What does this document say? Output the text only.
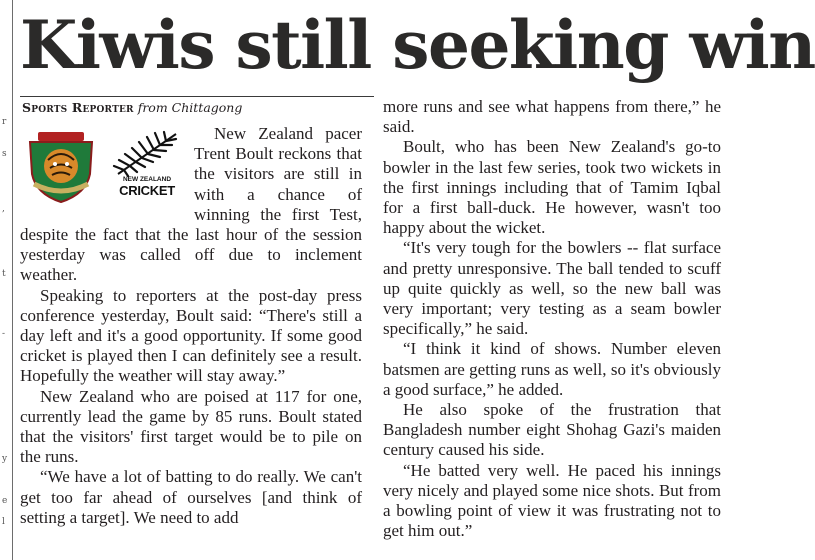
r
s
,
t
-
y
e
l
Kiwis still seeking win
Sports Reporter from Chittagong
NEW ZEALAND
CRICKET

New Zealand pacer Trent Boult reckons that the visitors are still in with a chance of winning the first Test, despite the fact that the last hour of the session yesterday was called off due to inclement weather.

Speaking to reporters at the post-day press conference yesterday, Boult said: “There's still a day left and it's a good opportunity. If some good cricket is played then I can definitely see a result. Hopefully the weather will stay away.”

New Zealand who are poised at 117 for one, currently lead the game by 85 runs. Boult stated that the visitors' first target would be to pile on the runs.

“We have a lot of batting to do really. We can't get too far ahead of ourselves [and think of setting a target]. We need to add

more runs and see what happens from there,” he said.

Boult, who has been New Zealand's go-to bowler in the last few series, took two wickets in the first innings including that of Tamim Iqbal for a first ball-duck. He however, wasn't too happy about the wicket.

“It's very tough for the bowlers -- flat surface and pretty unresponsive. The ball tended to scuff up quite quickly as well, so the new ball was very important; very testing as a seam bowler specifically,” he said.

“I think it kind of shows. Number eleven batsmen are getting runs as well, so it's obviously a good surface,” he added.

He also spoke of the frustration that Bangladesh number eight Shohag Gazi's maiden century caused his side.

“He batted very well. He paced his innings very nicely and played some nice shots. But from a bowling point of view it was frustrating not to get him out.”
